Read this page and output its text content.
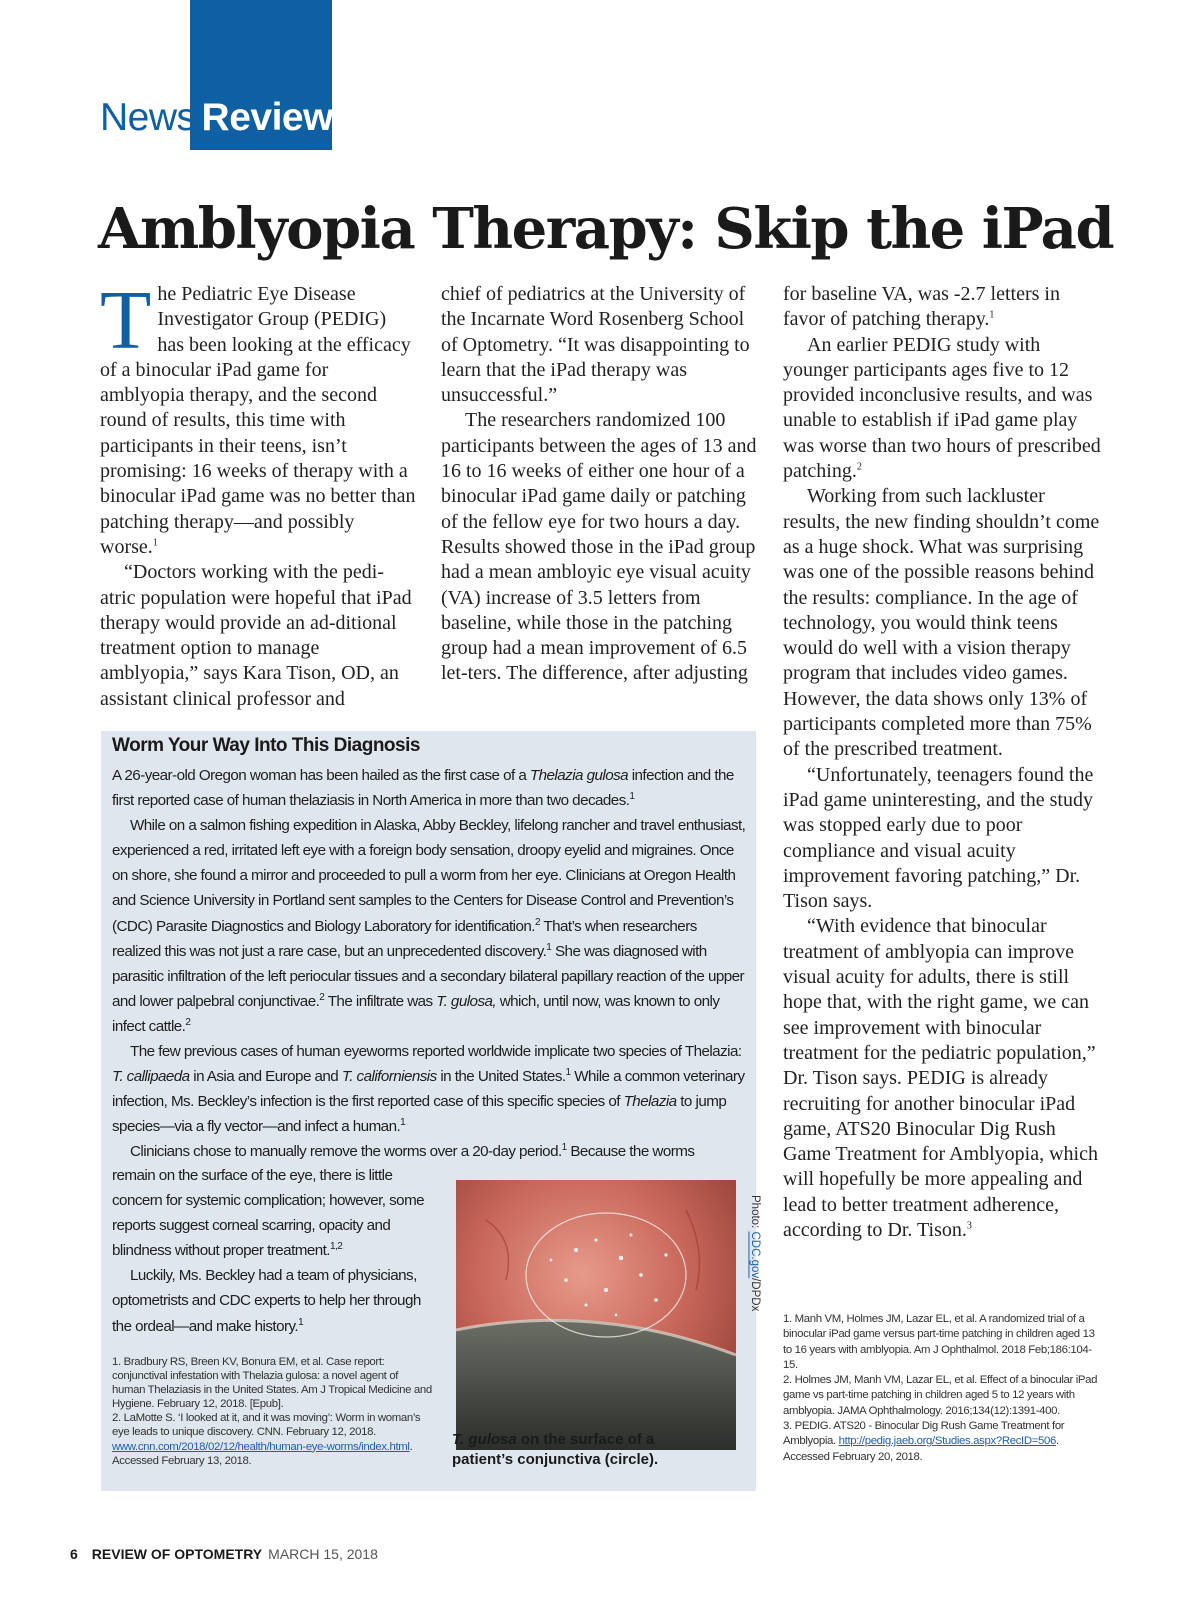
News Review
Amblyopia Therapy: Skip the iPad

The Pediatric Eye Disease Investigator Group (PEDIG) has been looking at the efficacy of a binocular iPad game for amblyopia therapy, and the second round of results, this time with participants in their teens, isn’t promising: 16 weeks of therapy with a binocular iPad game was no better than patching therapy—and possibly worse.$^1$

“Doctors working with the pedi-atric population were hopeful that iPad therapy would provide an ad-ditional treatment option to manage amblyopia,” says Kara Tison, OD, an assistant clinical professor and

chief of pediatrics at the University of the Incarnate Word Rosenberg School of Optometry. “It was disappointing to learn that the iPad therapy was unsuccessful.”

The researchers randomized 100 participants between the ages of 13 and 16 to 16 weeks of either one hour of a binocular iPad game daily or patching of the fellow eye for two hours a day. Results showed those in the iPad group had a mean ambloyic eye visual acuity (VA) increase of 3.5 letters from baseline, while those in the patching group had a mean improvement of 6.5 let-ters. The difference, after adjusting

for baseline VA, was -2.7 letters in favor of patching therapy.$^1$

An earlier PEDIG study with younger participants ages five to 12 provided inconclusive results, and was unable to establish if iPad game play was worse than two hours of prescribed patching.$^2$

Working from such lackluster results, the new finding shouldn’t come as a huge shock. What was surprising was one of the possible reasons behind the results: compliance. In the age of technology, you would think teens would do well with a vision therapy program that includes video games. However, the data shows only 13% of participants completed more than 75% of the prescribed treatment.

“Unfortunately, teenagers found the iPad game uninteresting, and the study was stopped early due to poor compliance and visual acuity improvement favoring patching,” Dr. Tison says.

“With evidence that binocular treatment of amblyopia can improve visual acuity for adults, there is still hope that, with the right game, we can see improvement with binocular treatment for the pediatric population,” Dr. Tison says. PEDIG is already recruiting for another binocular iPad game, ATS20 Binocular Dig Rush Game Treatment for Amblyopia, which will hopefully be more appealing and lead to better treatment adherence, according to Dr. Tison.$^3$

Worm Your Way Into This Diagnosis
Photo: CDC.gov/DPDx
T. gulosa on the surface of a patient’s conjunctiva (circle).

A 26-year-old Oregon woman has been hailed as the first case of a Thelazia gulosa infection and the first reported case of human thelaziasis in North America in more than two decades.$^1$

While on a salmon fishing expedition in Alaska, Abby Beckley, lifelong rancher and travel enthusiast, experienced a red, irritated left eye with a foreign body sensation, droopy eyelid and migraines. Once on shore, she found a mirror and proceeded to pull a worm from her eye. Clinicians at Oregon Health and Science University in Portland sent samples to the Centers for Disease Control and Prevention’s (CDC) Parasite Diagnostics and Biology Laboratory for identification.$^2$ That’s when researchers realized this was not just a rare case, but an unprecedented discovery.$^1$ She was diagnosed with parasitic infiltration of the left periocular tissues and a secondary bilateral papillary reaction of the upper and lower palpebral conjunctivae.$^2$ The infiltrate was T. gulosa, which, until now, was known to only infect cattle.$^2$

The few previous cases of human eyeworms reported worldwide implicate two species of Thelazia: T. callipaeda in Asia and Europe and T. californiensis in the United States.$^1$ While a common veterinary infection, Ms. Beckley’s infection is the first reported case of this specific species of Thelazia to jump species—via a fly vector—and infect a human.$^1$

Clinicians chose to manually remove the worms over a 20-day period.$^1$ Because the worms

remain on the surface of the eye, there is little concern for systemic complication; however, some reports suggest corneal scarring, opacity and blindness without proper treatment.$^{1,2}$

Luckily, Ms. Beckley had a team of physicians, optometrists and CDC experts to help her through the ordeal—and make history.$^1$

1. Bradbury RS, Breen KV, Bonura EM, et al. Case report: conjunctival infestation with Thelazia gulosa: a novel agent of human Thelaziasis in the United States. Am J Tropical Medicine and Hygiene. February 12, 2018. [Epub].

2. LaMotte S. ‘I looked at it, and it was moving’: Worm in woman’s eye leads to unique discovery. CNN. February 12, 2018. www.cnn.com/2018/02/12/health/human-eye-worms/index.html. Accessed February 13, 2018.

1. Manh VM, Holmes JM, Lazar EL, et al. A randomized trial of a binocular iPad game versus part-time patching in children aged 13 to 16 years with amblyopia. Am J Ophthalmol. 2018 Feb;186:104-15.

2. Holmes JM, Manh VM, Lazar EL, et al. Effect of a binocular iPad game vs part-time patching in children aged 5 to 12 years with amblyopia. JAMA Ophthalmology. 2016;134(12):1391-400.

3. PEDIG. ATS20 - Binocular Dig Rush Game Treatment for Amblyopia. http://pedig.jaeb.org/Studies.aspx?RecID=506. Accessed February 20, 2018.

6 REVIEW OF OPTOMETRY MARCH 15, 2018
